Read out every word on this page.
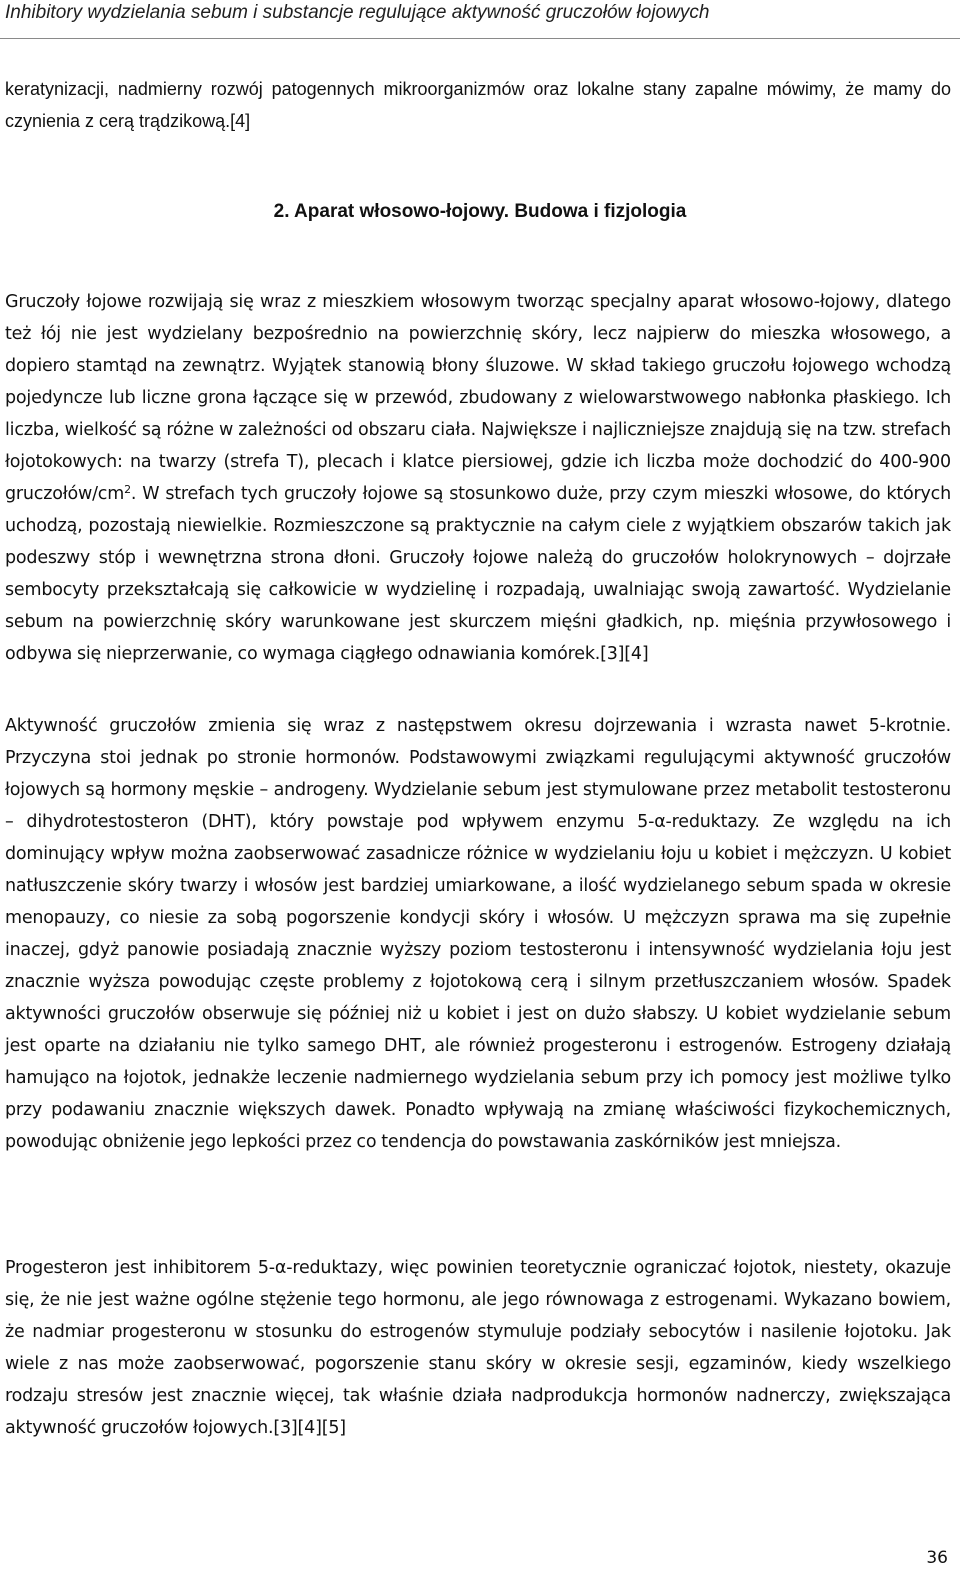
Inhibitory wydzielania sebum i substancje regulujące aktywność gruczołów łojowych

keratynizacji, nadmierny rozwój patogennych mikroorganizmów oraz lokalne stany zapalne mówimy, że mamy do czynienia z cerą trądzikową.[4]

2. Aparat włosowo-łojowy. Budowa i fizjologia

Gruczoły łojowe rozwijają się wraz z mieszkiem włosowym tworząc specjalny aparat włosowo-łojowy, dlatego też łój nie jest wydzielany bezpośrednio na powierzchnię skóry, lecz najpierw do mieszka włosowego, a dopiero stamtąd na zewnątrz. Wyjątek stanowią błony śluzowe. W skład takiego gruczołu łojowego wchodzą pojedyncze lub liczne grona łączące się w przewód, zbudowany z wielowarstwowego nabłonka płaskiego. Ich liczba, wielkość są różne w zależności od obszaru ciała. Największe i najliczniejsze znajdują się na tzw. strefach łojotokowych: na twarzy (strefa T), plecach i klatce piersiowej, gdzie ich liczba może dochodzić do 400-900 gruczołów/$cm^2$. W strefach tych gruczoły łojowe są stosunkowo duże, przy czym mieszki włosowe, do których uchodzą, pozostają niewielkie. Rozmieszczone są praktycznie na całym ciele z wyjątkiem obszarów takich jak podeszwy stóp i wewnętrzna strona dłoni. Gruczoły łojowe należą do gruczołów holokrynowych – dojrzałe sembocyty przekształcają się całkowicie w wydzielinę i rozpadają, uwalniając swoją zawartość. Wydzielanie sebum na powierzchnię skóry warunkowane jest skurczem mięśni gładkich, np. mięśnia przywłosowego i odbywa się nieprzerwanie, co wymaga ciągłego odnawiania komórek.[3][4]

Aktywność gruczołów zmienia się wraz z następstwem okresu dojrzewania i wzrasta nawet 5-krotnie. Przyczyna stoi jednak po stronie hormonów. Podstawowymi związkami regulującymi aktywność gruczołów łojowych są hormony męskie – androgeny. Wydzielanie sebum jest stymulowane przez metabolit testosteronu – dihydrotestosteron (DHT), który powstaje pod wpływem enzymu 5-α-reduktazy. Ze względu na ich dominujący wpływ można zaobserwować zasadnicze różnice w wydzielaniu łoju u kobiet i mężczyzn. U kobiet natłuszczenie skóry twarzy i włosów jest bardziej umiarkowane, a ilość wydzielanego sebum spada w okresie menopauzy, co niesie za sobą pogorszenie kondycji skóry i włosów. U mężczyzn sprawa ma się zupełnie inaczej, gdyż panowie posiadają znacznie wyższy poziom testosteronu i intensywność wydzielania łoju jest znacznie wyższa powodując częste problemy z łojotokową cerą i silnym przetłuszczaniem włosów. Spadek aktywności gruczołów obserwuje się później niż u kobiet i jest on dużo słabszy. U kobiet wydzielanie sebum jest oparte na działaniu nie tylko samego DHT, ale również progesteronu i estrogenów. Estrogeny działają hamująco na łojotok, jednakże leczenie nadmiernego wydzielania sebum przy ich pomocy jest możliwe tylko przy podawaniu znacznie większych dawek. Ponadto wpływają na zmianę właściwości fizykochemicznych, powodując obniżenie jego lepkości przez co tendencja do powstawania zaskórników jest mniejsza.

Progesteron jest inhibitorem 5-α-reduktazy, więc powinien teoretycznie ograniczać łojotok, niestety, okazuje się, że nie jest ważne ogólne stężenie tego hormonu, ale jego równowaga z estrogenami. Wykazano bowiem, że nadmiar progesteronu w stosunku do estrogenów stymuluje podziały sebocytów i nasilenie łojotoku. Jak wiele z nas może zaobserwować, pogorszenie stanu skóry w okresie sesji, egzaminów, kiedy wszelkiego rodzaju stresów jest znacznie więcej, tak właśnie działa nadprodukcja hormonów nadnerczy, zwiększająca aktywność gruczołów łojowych.[3][4][5]

36
